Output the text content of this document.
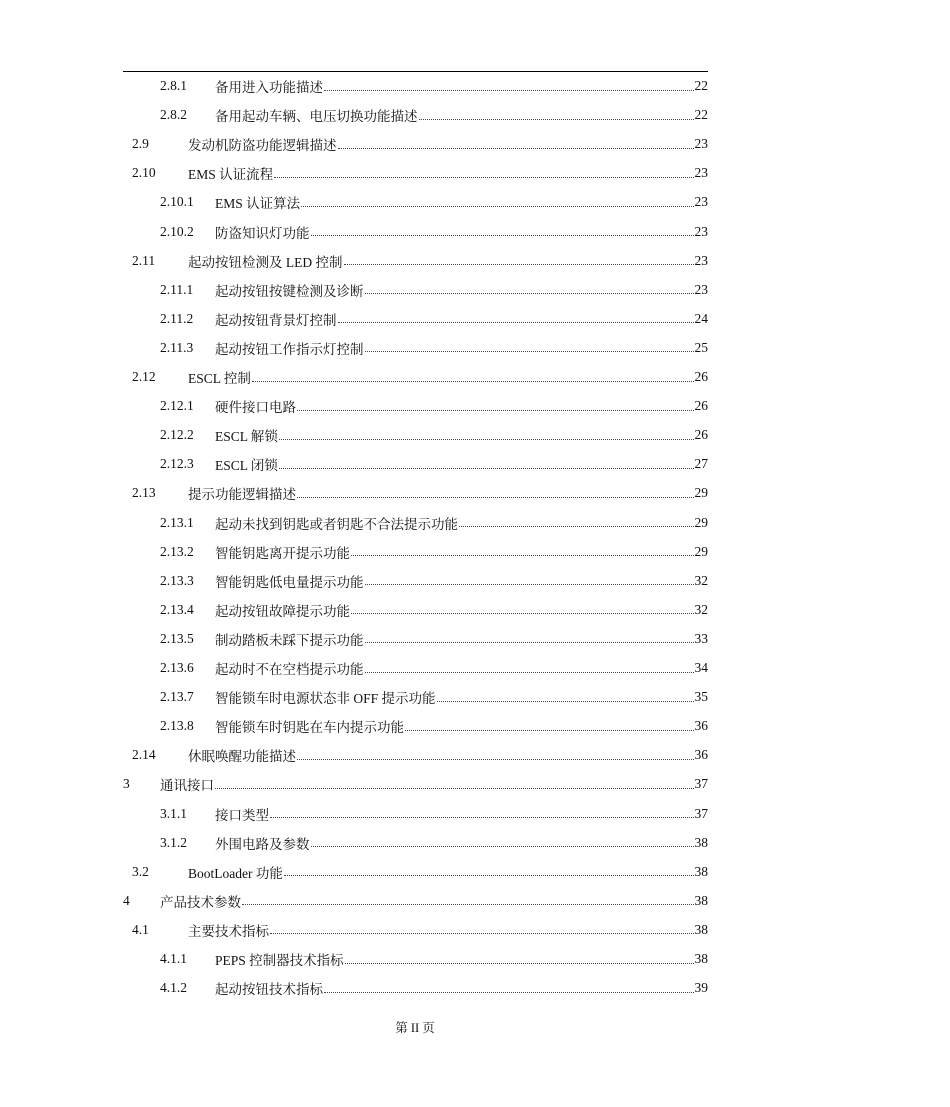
2.8.1	备用进入功能描述	22
2.8.2	备用起动车辆、电压切换功能描述	22
2.9	发动机防盗功能逻辑描述	23
2.10	EMS 认证流程	23
2.10.1	EMS 认证算法	23
2.10.2	防盗知识灯功能	23
2.11	起动按钮检测及 LED 控制	23
2.11.1	起动按钮按键检测及诊断	23
2.11.2	起动按钮背景灯控制	24
2.11.3	起动按钮工作指示灯控制	25
2.12	ESCL 控制	26
2.12.1	硬件接口电路	26
2.12.2	ESCL 解锁	26
2.12.3	ESCL 闭锁	27
2.13	提示功能逻辑描述	29
2.13.1	起动未找到钥匙或者钥匙不合法提示功能	29
2.13.2	智能钥匙离开提示功能	29
2.13.3	智能钥匙低电量提示功能	32
2.13.4	起动按钮故障提示功能	32
2.13.5	制动踏板未踩下提示功能	33
2.13.6	起动时不在空档提示功能	34
2.13.7	智能锁车时电源状态非 OFF 提示功能	35
2.13.8	智能锁车时钥匙在车内提示功能	36
2.14	休眠唤醒功能描述	36
3	通讯接口	37
3.1.1	接口类型	37
3.1.2	外围电路及参数	38
3.2	BootLoader 功能	38
4	产品技术参数	38
4.1	主要技术指标	38
4.1.1	PEPS 控制器技术指标	38
4.1.2	起动按钮技术指标	39
第 II 页
